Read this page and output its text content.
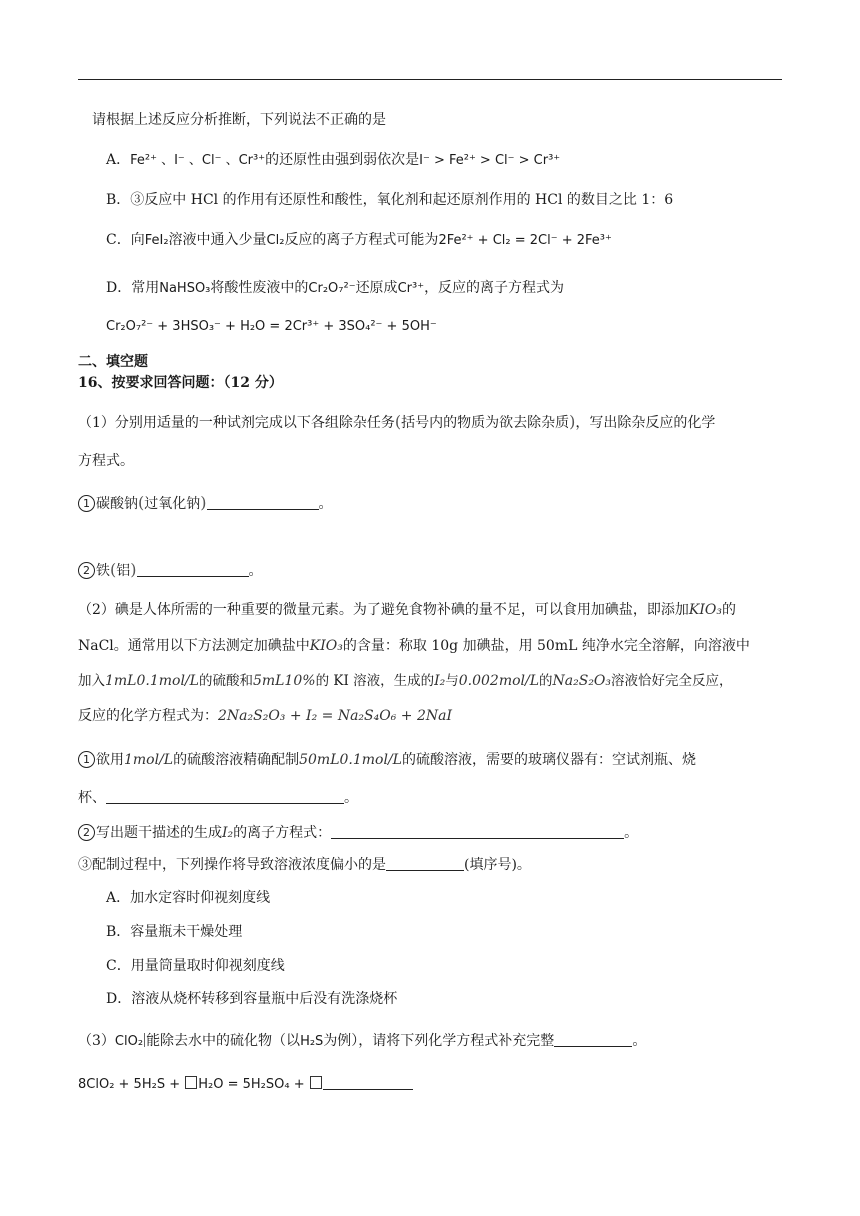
请根据上述反应分析推断，下列说法不正确的是
A．Fe²⁺ 、I⁻ 、Cl⁻ 、Cr³⁺的还原性由强到弱依次是I⁻ > Fe²⁺ > Cl⁻ > Cr³⁺
B．③反应中 HCl 的作用有还原性和酸性，氧化剂和起还原剂作用的 HCl 的数目之比 1：6
C．向FeI₂溶液中通入少量Cl₂反应的离子方程式可能为2Fe²⁺ + Cl₂ = 2Cl⁻ + 2Fe³⁺
D．常用NaHSO₃将酸性废液中的Cr₂O₇²⁻还原成Cr³⁺，反应的离子方程式为
Cr₂O₇²⁻ + 3HSO₃⁻ + H₂O = 2Cr³⁺ + 3SO₄²⁻ + 5OH⁻
二、填空题
16、按要求回答问题：（12 分）
（1）分别用适量的一种试剂完成以下各组除杂任务(括号内的物质为欲去除杂质)，写出除杂反应的化学
方程式。
1 碳酸钠(过氧化钠)	。
2 铁(铝)	。
（2）碘是人体所需的一种重要的微量元素。为了避免食物补碘的量不足，可以食用加碘盐，即添加KIO₃的
NaCl。通常用以下方法测定加碘盐中KIO₃的含量：称取 10g 加碘盐，用 50mL 纯净水完全溶解，向溶液中
加入1mL0.1mol/L的硫酸和5mL10%的 KI 溶液，生成的I₂与0.002mol/L的Na₂S₂O₃溶液恰好完全反应，
反应的化学方程式为：2Na₂S₂O₃ + I₂ = Na₂S₄O₆ + 2NaI
1 欲用1mol/L的硫酸溶液精确配制50mL0.1mol/L的硫酸溶液，需要的玻璃仪器有：空试剂瓶、烧
杯、	。
2 写出题干描述的生成I₂的离子方程式：	。
③配制过程中，下列操作将导致溶液浓度偏小的是	(填序号)。
A．加水定容时仰视刻度线
B．容量瓶未干燥处理
C．用量筒量取时仰视刻度线
D．溶液从烧杯转移到容量瓶中后没有洗涤烧杯
（3）ClO₂ 能除去水中的硫化物（以H₂S为例），请将下列化学方程式补充完整	。
8ClO₂ + 5H₂S + H₂O = 5H₂SO₄ +
